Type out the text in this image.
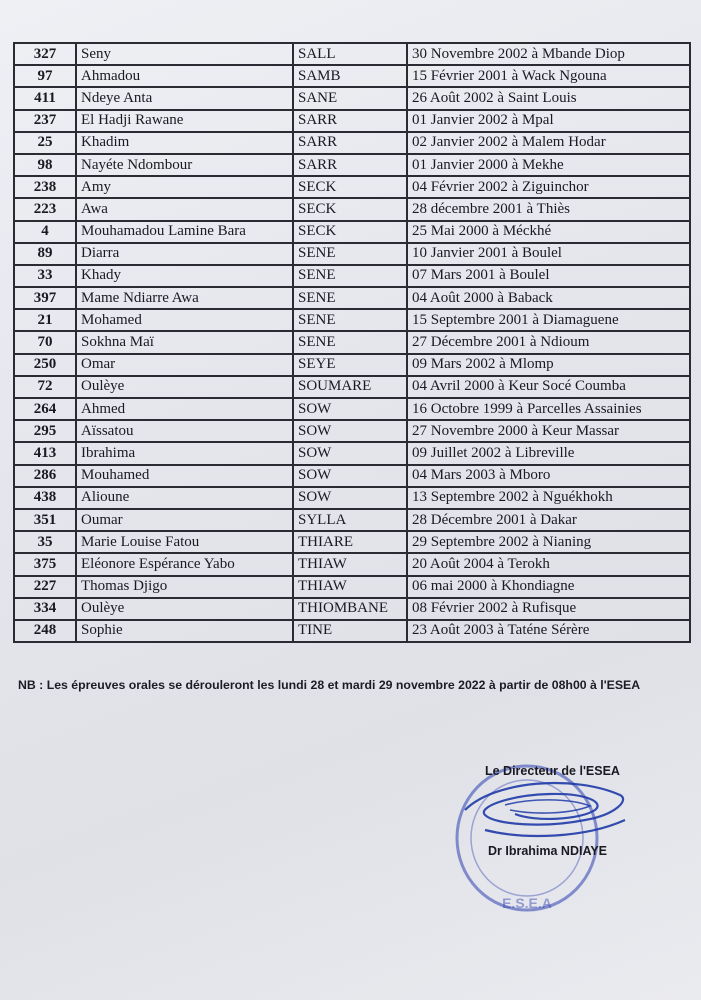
327	Seny	SALL	30 Novembre 2002 à Mbande Diop
97	Ahmadou	SAMB	15 Février 2001 à Wack Ngouna
411	Ndeye Anta	SANE	26 Août 2002 à Saint Louis
237	El Hadji Rawane	SARR	01 Janvier 2002 à Mpal
25	Khadim	SARR	02 Janvier 2002 à Malem Hodar
98	Nayéte Ndombour	SARR	01 Janvier 2000 à Mekhe
238	Amy	SECK	04 Février 2002 à Ziguinchor
223	Awa	SECK	28 décembre 2001 à Thiès
4	Mouhamadou Lamine Bara	SECK	25 Mai 2000 à Méckhé
89	Diarra	SENE	10 Janvier 2001 à Boulel
33	Khady	SENE	07 Mars 2001 à Boulel
397	Mame Ndiarre Awa	SENE	04 Août 2000 à Baback
21	Mohamed	SENE	15 Septembre 2001 à Diamaguene
70	Sokhna Maï	SENE	27 Décembre 2001 à Ndioum
250	Omar	SEYE	09 Mars 2002 à Mlomp
72	Oulèye	SOUMARE	04 Avril 2000 à Keur Socé Coumba
264	Ahmed	SOW	16 Octobre 1999 à Parcelles Assainies
295	Aïssatou	SOW	27 Novembre 2000 à Keur Massar
413	Ibrahima	SOW	09 Juillet 2002 à Libreville
286	Mouhamed	SOW	04 Mars 2003 à Mboro
438	Alioune	SOW	13 Septembre 2002 à Nguékhokh
351	Oumar	SYLLA	28 Décembre 2001 à Dakar
35	Marie Louise Fatou	THIARE	29 Septembre 2002 à Nianing
375	Eléonore Espérance Yabo	THIAW	20 Août 2004 à Terokh
227	Thomas Djigo	THIAW	06 mai 2000 à Khondiagne
334	Oulèye	THIOMBANE	08 Février 2002 à Rufisque
248	Sophie	TINE	23 Août 2003 à Taténe Sérère
NB : Les épreuves orales se dérouleront les lundi 28 et mardi 29 novembre 2022 à partir de 08h00 à l'ESEA
E.S.E.A
Le Directeur de l'ESEA
Dr Ibrahima NDIAYE
